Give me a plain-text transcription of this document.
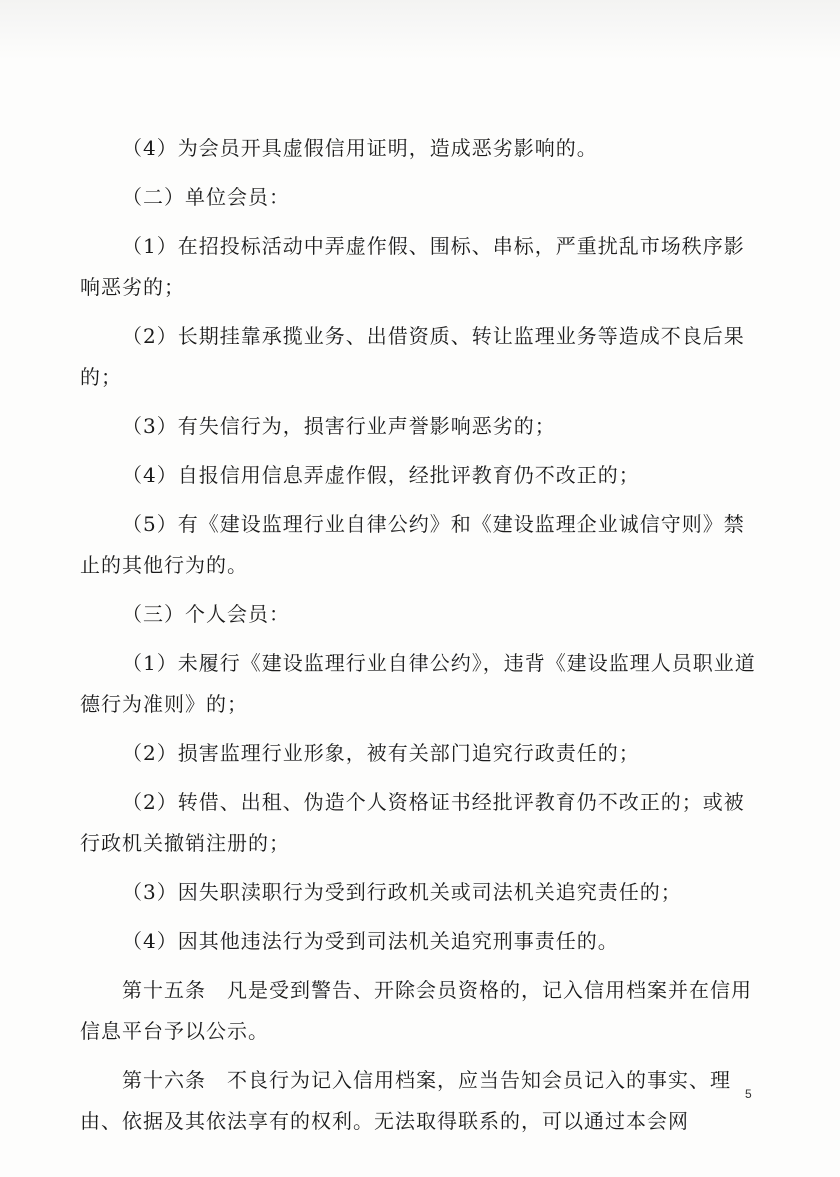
（4）为会员开具虚假信用证明，造成恶劣影响的。

（二）单位会员：

（1）在招投标活动中弄虚作假、围标、串标，严重扰乱市场秩序影响恶劣的；

（2）长期挂靠承揽业务、出借资质、转让监理业务等造成不良后果的；

（3）有失信行为，损害行业声誉影响恶劣的；

（4）自报信用信息弄虚作假，经批评教育仍不改正的；

（5）有《建设监理行业自律公约》和《建设监理企业诚信守则》禁止的其他行为的。

（三）个人会员：

（1）未履行《建设监理行业自律公约》，违背《建设监理人员职业道德行为准则》的；

（2）损害监理行业形象，被有关部门追究行政责任的；

（2）转借、出租、伪造个人资格证书经批评教育仍不改正的；或被行政机关撤销注册的；

（3）因失职渎职行为受到行政机关或司法机关追究责任的；

（4）因其他违法行为受到司法机关追究刑事责任的。

第十五条　凡是受到警告、开除会员资格的，记入信用档案并在信用信息平台予以公示。

第十六条　不良行为记入信用档案，应当告知会员记入的事实、理由、依据及其依法享有的权利。无法取得联系的，可以通过本会网

5
